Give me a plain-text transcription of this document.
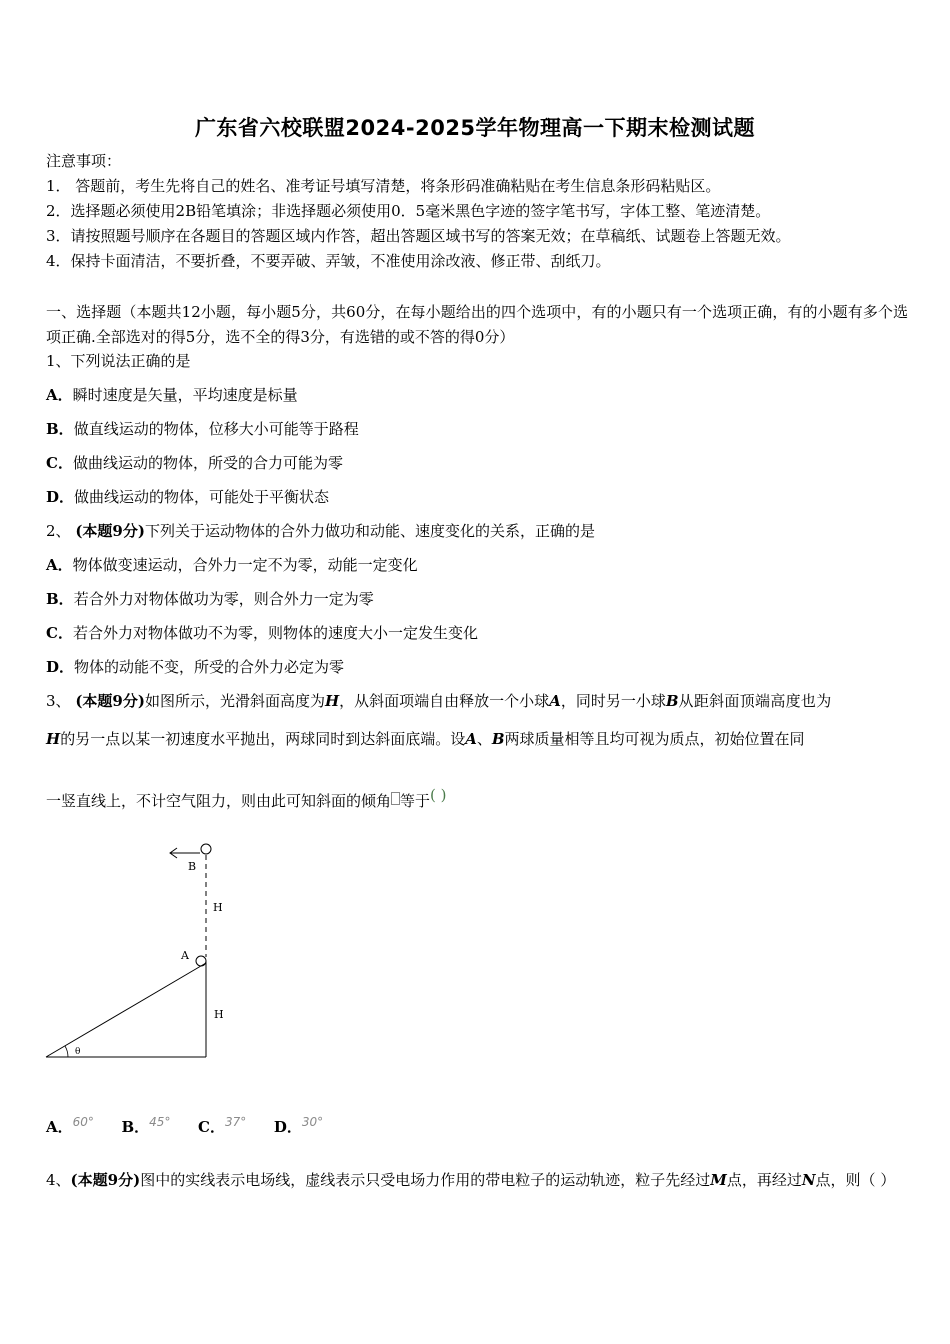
广东省六校联盟2024-2025学年物理高一下期末检测试题
注意事项：
1． 答题前，考生先将自己的姓名、准考证号填写清楚，将条形码准确粘贴在考生信息条形码粘贴区。
2．选择题必须使用2B铅笔填涂；非选择题必须使用0．5毫米黑色字迹的签字笔书写，字体工整、笔迹清楚。
3．请按照题号顺序在各题目的答题区域内作答，超出答题区域书写的答案无效；在草稿纸、试题卷上答题无效。
4．保持卡面清洁，不要折叠，不要弄破、弄皱，不准使用涂改液、修正带、刮纸刀。
一、选择题（本题共12小题，每小题5分，共60分，在每小题给出的四个选项中，有的小题只有一个选项正确，有的小题有多个选项正确.全部选对的得5分，选不全的得3分，有选错的或不答的得0分）
1、下列说法正确的是
A．瞬时速度是矢量，平均速度是标量
B．做直线运动的物体，位移大小可能等于路程
C．做曲线运动的物体，所受的合力可能为零
D．做曲线运动的物体，可能处于平衡状态
2、 (本题9分)下列关于运动物体的合外力做功和动能、速度变化的关系，正确的是
A．物体做变速运动，合外力一定不为零，动能一定变化
B．若合外力对物体做功为零，则合外力一定为零
C．若合外力对物体做功不为零，则物体的速度大小一定发生变化
D．物体的动能不变，所受的合外力必定为零
3、 (本题9分)如图所示，光滑斜面高度为H，从斜面项端自由释放一个小球A，同时另一小球B从距斜面顶端高度也为
H的另一点以某一初速度水平抛出，两球同时到达斜面底端。设A、B两球质量相等且均可视为质点，初始位置在同
一竖直线上，不计空气阻力，则由此可知斜面的倾角 等于( )
B
H
A
H
θ
A．$^{60^\circ}$ B．$^{45^\circ}$ C．$^{37^\circ}$ D．$^{30^\circ}$
4、(本题9分)图中的实线表示电场线，虚线表示只受电场力作用的带电粒子的运动轨迹，粒子先经过M点，再经过N点，则（ ）
